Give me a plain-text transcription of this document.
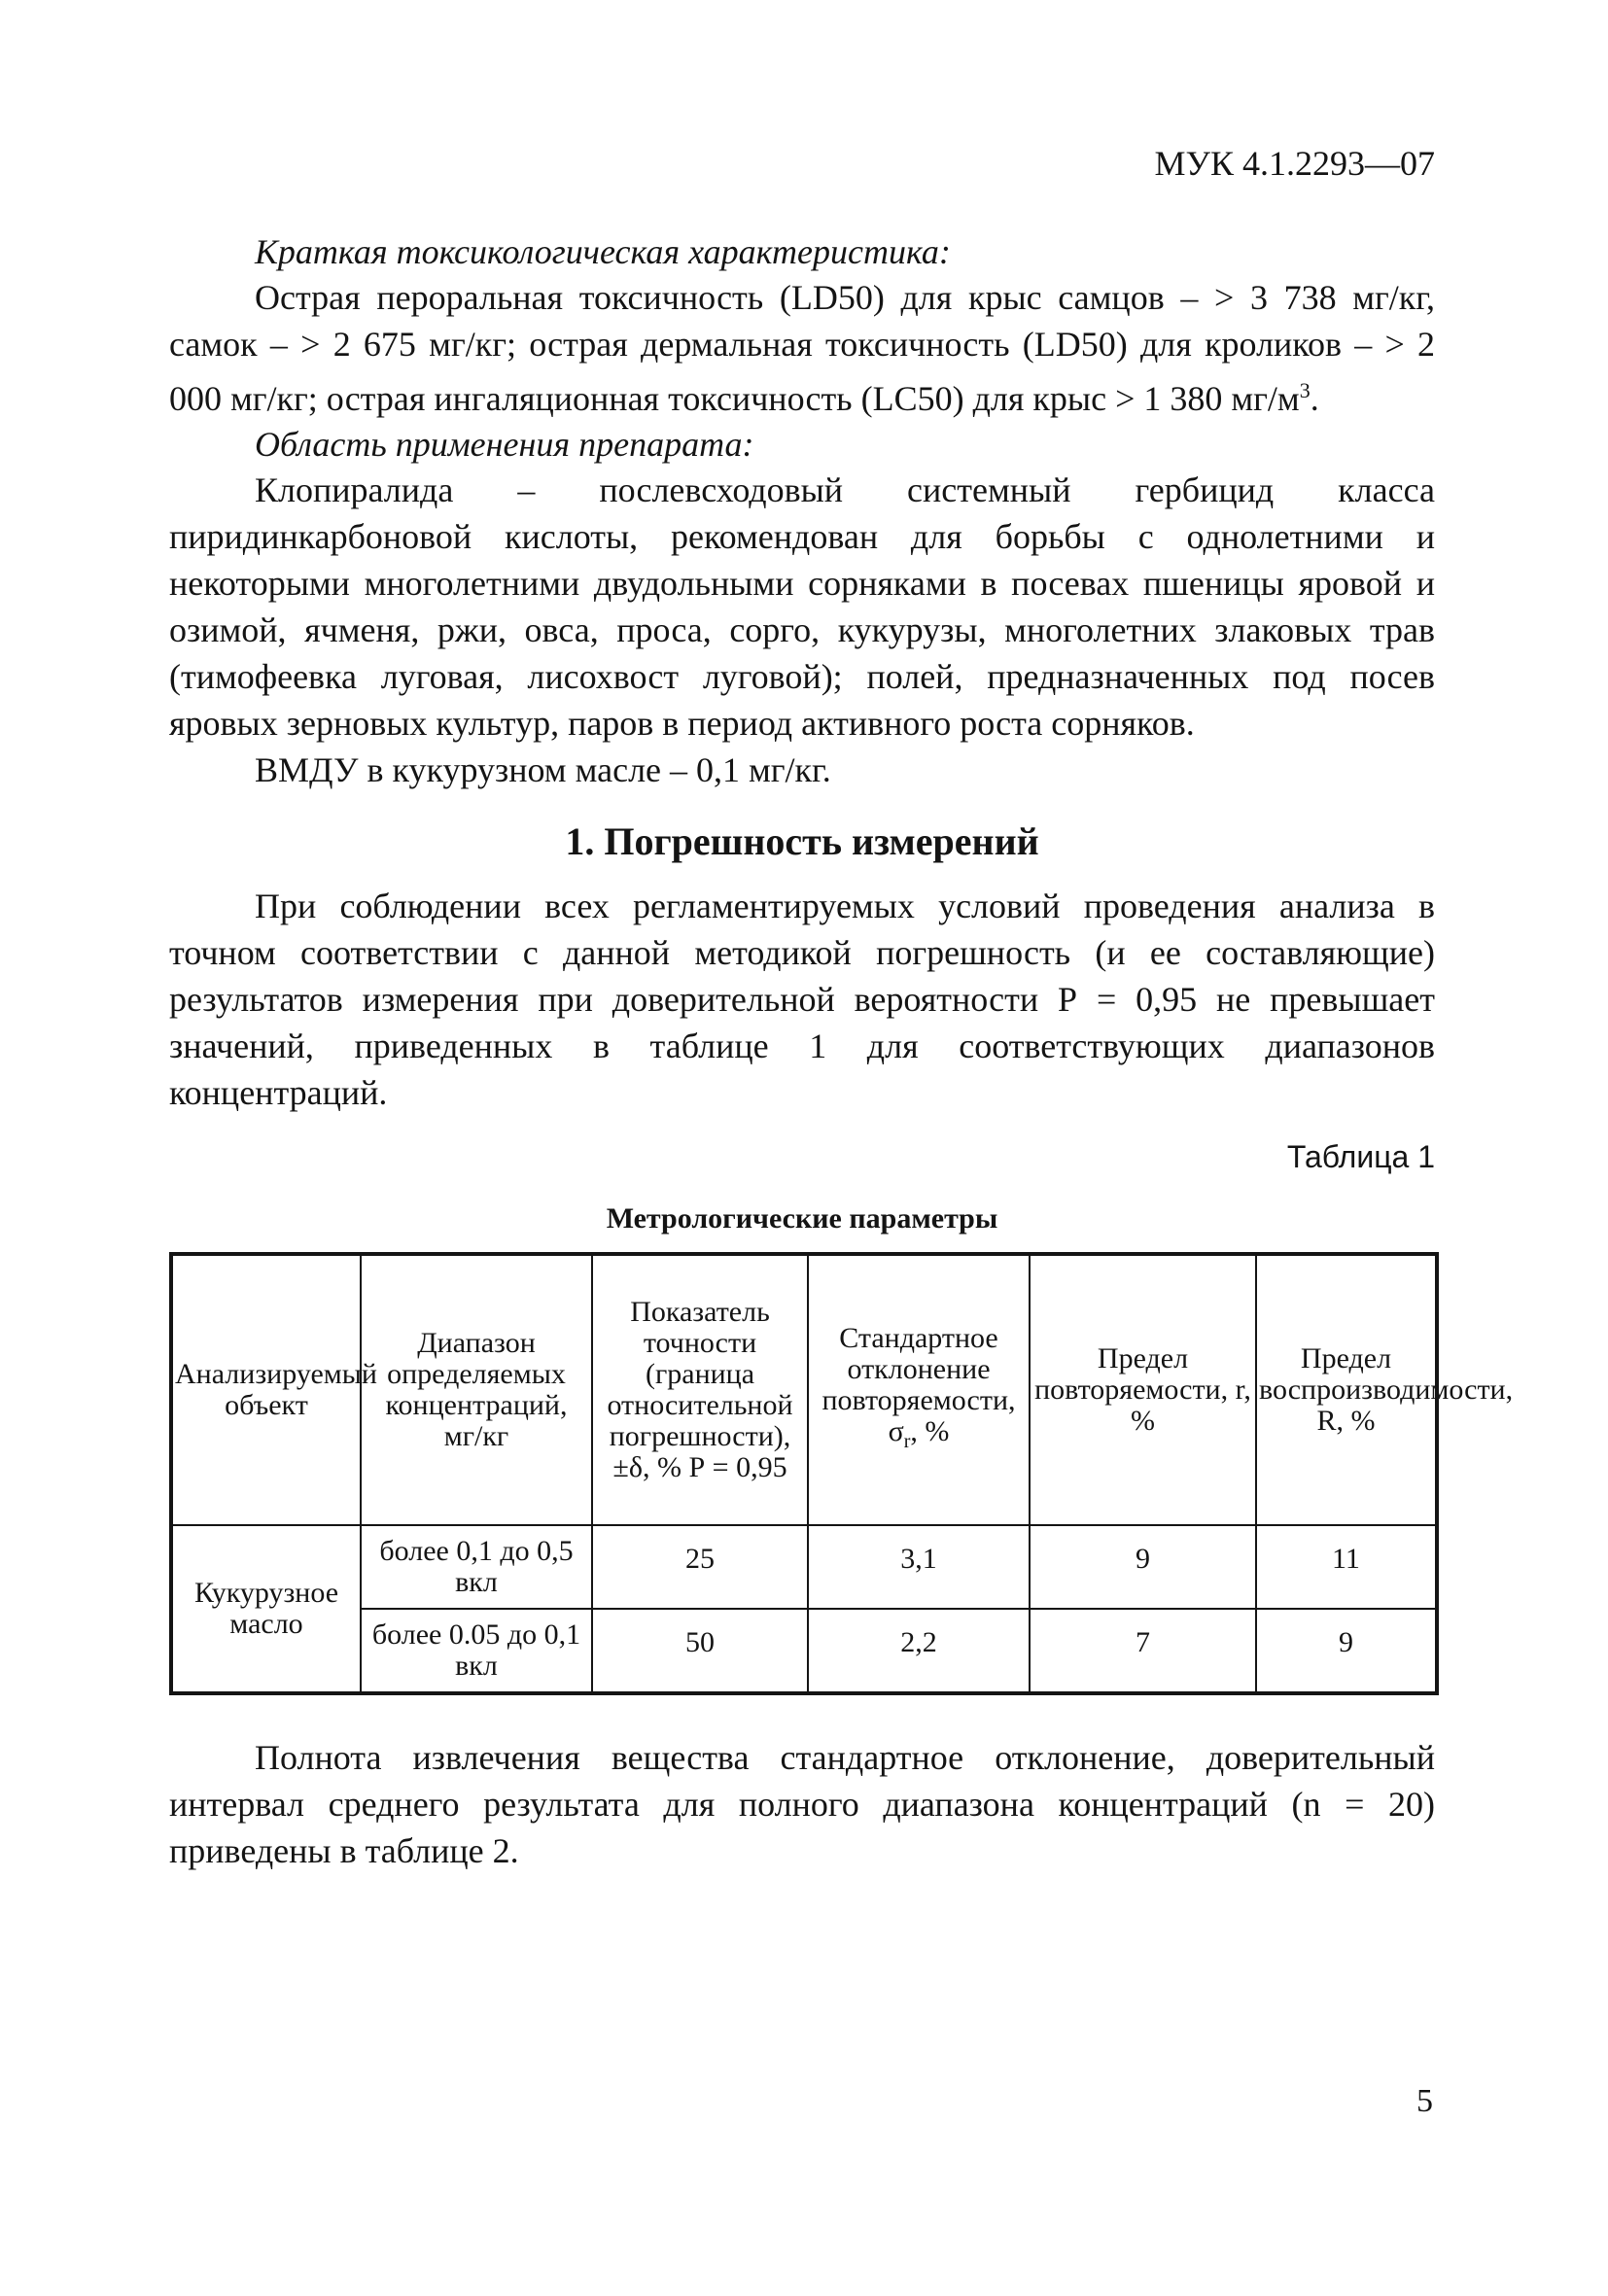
МУК 4.1.2293—07

Краткая токсикологическая характеристика:

Острая пероральная токсичность (LD50) для крыс самцов – > 3 738 мг/кг, самок – > 2 675 мг/кг; острая дермальная токсичность (LD50) для кроликов – > 2 000 мг/кг; острая ингаляционная токсичность (LC50) для крыс > 1 380 $мг/м^3$.

Область применения препарата:

Клопиралида – послевсходовый системный гербицид класса пиридинкарбоновой кислоты, рекомендован для борьбы с однолетними и некоторыми многолетними двудольными сорняками в посевах пшеницы яровой и озимой, ячменя, ржи, овса, проса, сорго, кукурузы, многолетних злаковых трав (тимофеевка луговая, лисохвост луговой); полей, предназначенных под посев яровых зерновых культур, паров в период активного роста сорняков.

ВМДУ в кукурузном масле – 0,1 мг/кг.

1. Погрешность измерений

При соблюдении всех регламентируемых условий проведения анализа в точном соответствии с данной методикой погрешность (и ее составляющие) результатов измерения при доверительной вероятности Р = 0,95 не превышает значений, приведенных в таблице 1 для соответствующих диапазонов концентраций.

Таблица 1
Метрологические параметры
Анализируемый объект	Диапазон определяемых концентраций, мг/кг	Показатель точности (граница относительной погрешности), ±δ, % Р = 0,95	Стандартное отклонение повторяемости, $\sigma_r$, %	Предел повторяемости, r, %	Предел воспроизводимости, R, %
Кукурузное масло	более 0,1 до 0,5 вкл	25	3,1	9	11
	более 0.05 до 0,1 вкл	50	2,2	7	9

Полнота извлечения вещества стандартное отклонение, доверительный интервал среднего результата для полного диапазона концентраций (n = 20) приведены в таблице 2.

5
